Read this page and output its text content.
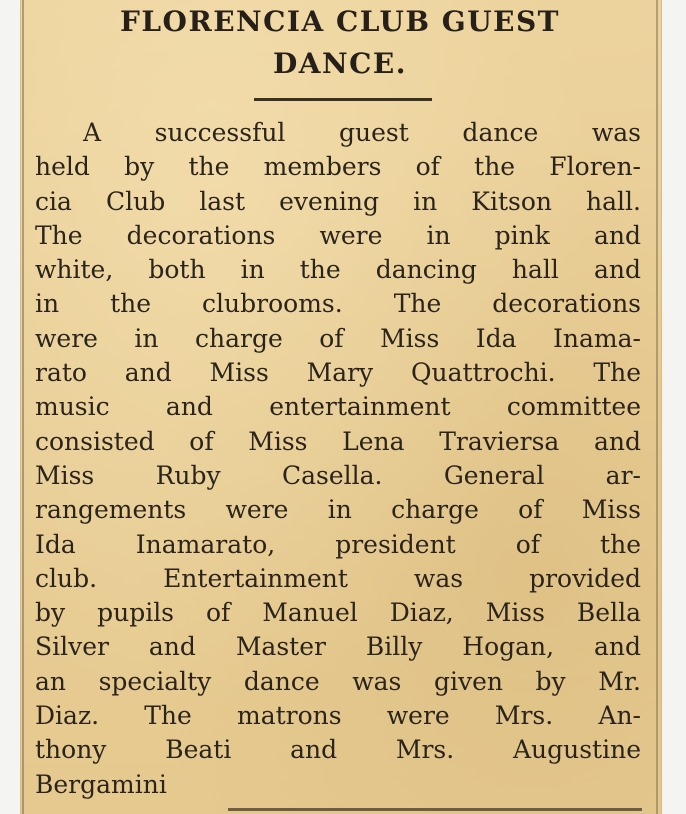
FLORENCIA CLUB GUEST
DANCE.
A successful guest dance was
held by the members of the Floren-
cia Club last evening in Kitson hall.
The decorations were in pink and
white, both in the dancing hall and
in the clubrooms. The decorations
were in charge of Miss Ida Inama-
rato and Miss Mary Quattrochi. The
music and entertainment committee
consisted of Miss Lena Traviersa and
Miss Ruby Casella. General ar-
rangements were in charge of Miss
Ida Inamarato, president of the
club. Entertainment was provided
by pupils of Manuel Diaz, Miss Bella
Silver and Master Billy Hogan, and
an specialty dance was given by Mr.
Diaz. The matrons were Mrs. An-
thony Beati and Mrs. Augustine
Bergamini
